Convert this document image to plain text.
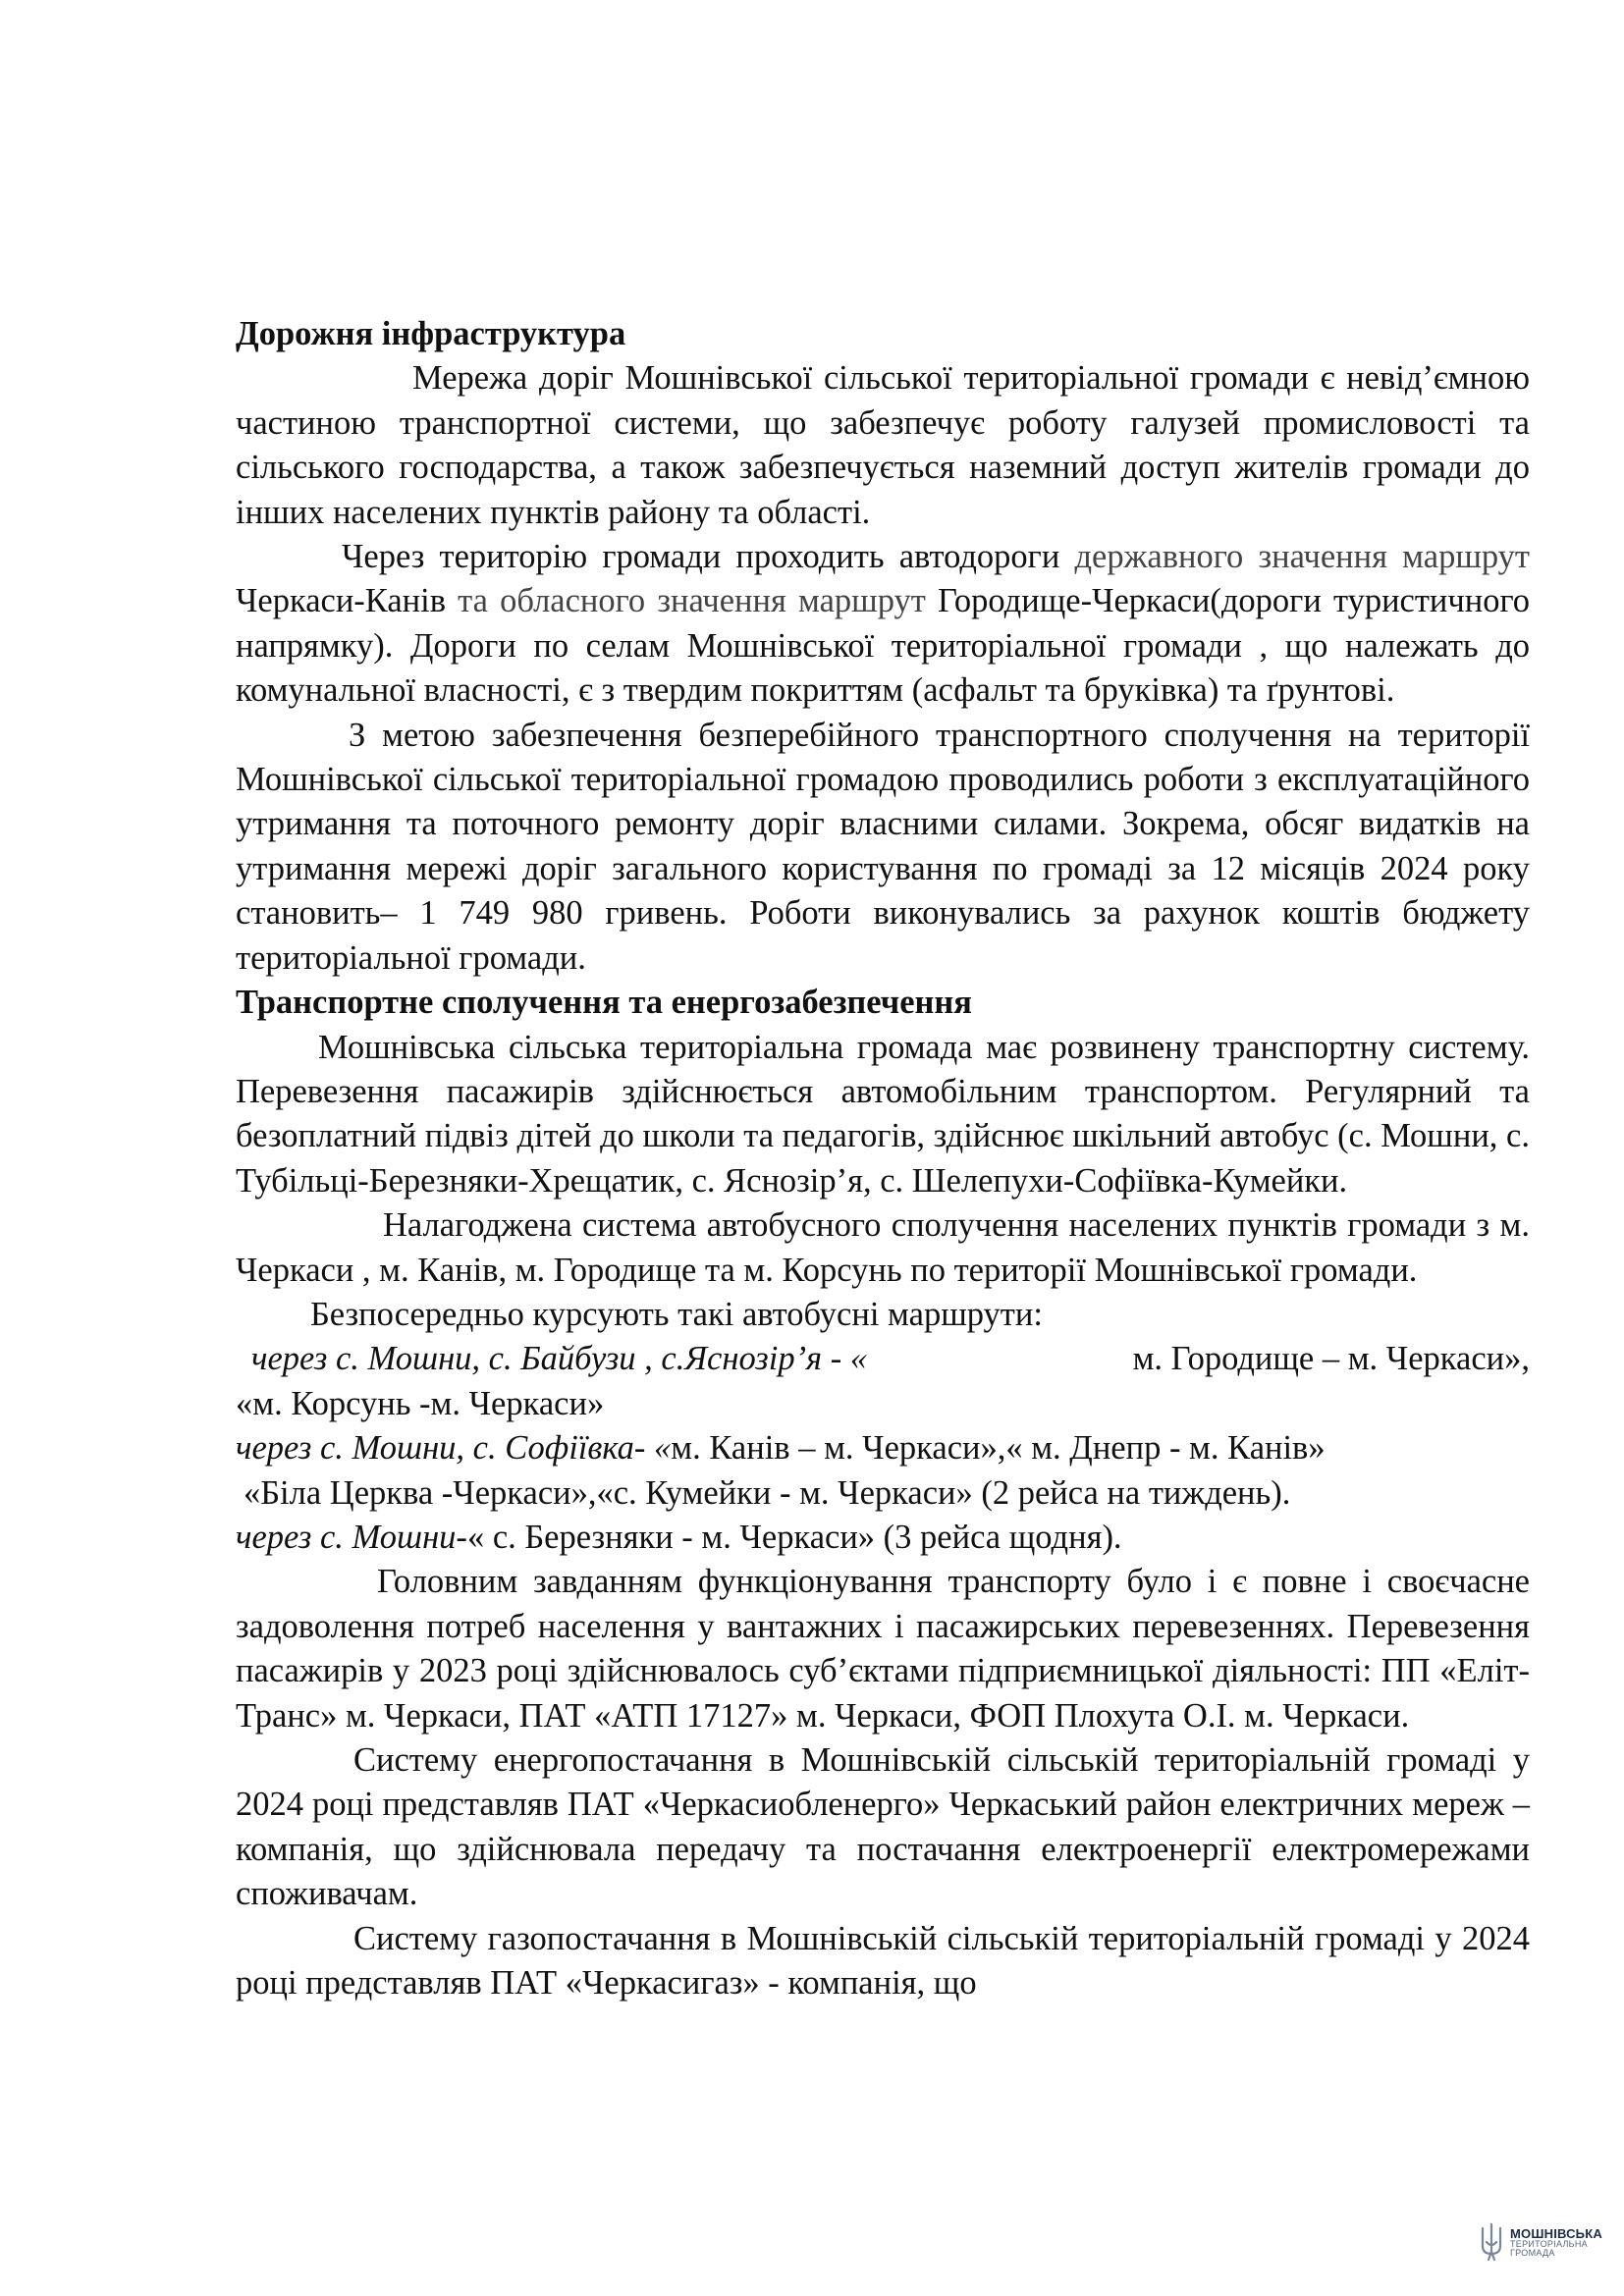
Дорожня інфраструктура

Мережа доріг Мошнівської сільської територіальної громади є невід’ємною частиною транспортної системи, що забезпечує роботу галузей промисловості та сільського господарства, а також забезпечується наземний доступ жителів громади до інших населених пунктів району та області.

Через територію громади проходить автодороги державного значення маршрут Черкаси-Канів та обласного значення маршрут Городище-Черкаси(дороги туристичного напрямку). Дороги по селам Мошнівської територіальної громади , що належать до комунальної власності, є з твердим покриттям (асфальт та бруківка) та ґрунтові.

З метою забезпечення безперебійного транспортного сполучення на території Мошнівської сільської територіальної громадою проводились роботи з експлуатаційного утримання та поточного ремонту доріг власними силами. Зокрема, обсяг видатків на утримання мережі доріг загального користування по громаді за 12 місяців 2024 року становить– 1 749 980 гривень. Роботи виконувались за рахунок коштів бюджету територіальної громади.

Транспортне сполучення та енергозабезпечення

Мошнівська сільська територіальна громада має розвинену транспортну систему. Перевезення пасажирів здійснюється автомобільним транспортом. Регулярний та безоплатний підвіз дітей до школи та педагогів, здійснює шкільний автобус (с. Мошни, с. Тубільці-Березняки-Хрещатик, с. Яснозір’я, с. Шелепухи-Софіївка-Кумейки.

Налагоджена система автобусного сполучення населених пунктів громади з м. Черкаси , м. Канів, м. Городище та м. Корсунь по території Мошнівської громади.

Безпосередньо курсують такі автобусні маршрути:

через с. Мошни, с. Байбузи , с.Яснозір’я - «	м. Городище – м. Черкаси»,

«м. Корсунь -м. Черкаси»

через с. Мошни, с. Софіївка- «м. Канів – м. Черкаси»,« м. Днепр - м. Канів»

«Біла Церква -Черкаси»,«с. Кумейки - м. Черкаси» (2 рейса на тиждень).

через с. Мошни-« с. Березняки - м. Черкаси» (3 рейса щодня).

Головним завданням функціонування транспорту було і є повне і своєчасне задоволення потреб населення у вантажних і пасажирських перевезеннях. Перевезення пасажирів у 2023 році здійснювалось суб’єктами підприємницької діяльності: ПП «Еліт-Транс» м. Черкаси, ПАТ «АТП 17127» м. Черкаси, ФОП Плохута О.І. м. Черкаси.

Систему енергопостачання в Мошнівській сільській територіальній громаді у 2024 році представляв ПАТ «Черкасиобленерго» Черкаський район електричних мереж – компанія, що здійснювала передачу та постачання електроенергії електромережами споживачам.

Систему газопостачання в Мошнівській сільській територіальній громаді у 2024 році представляв ПАТ «Черкасигаз» - компанія, що

МОШНІВСЬКА
ТЕРИТОРІАЛЬНА
ГРОМАДА
